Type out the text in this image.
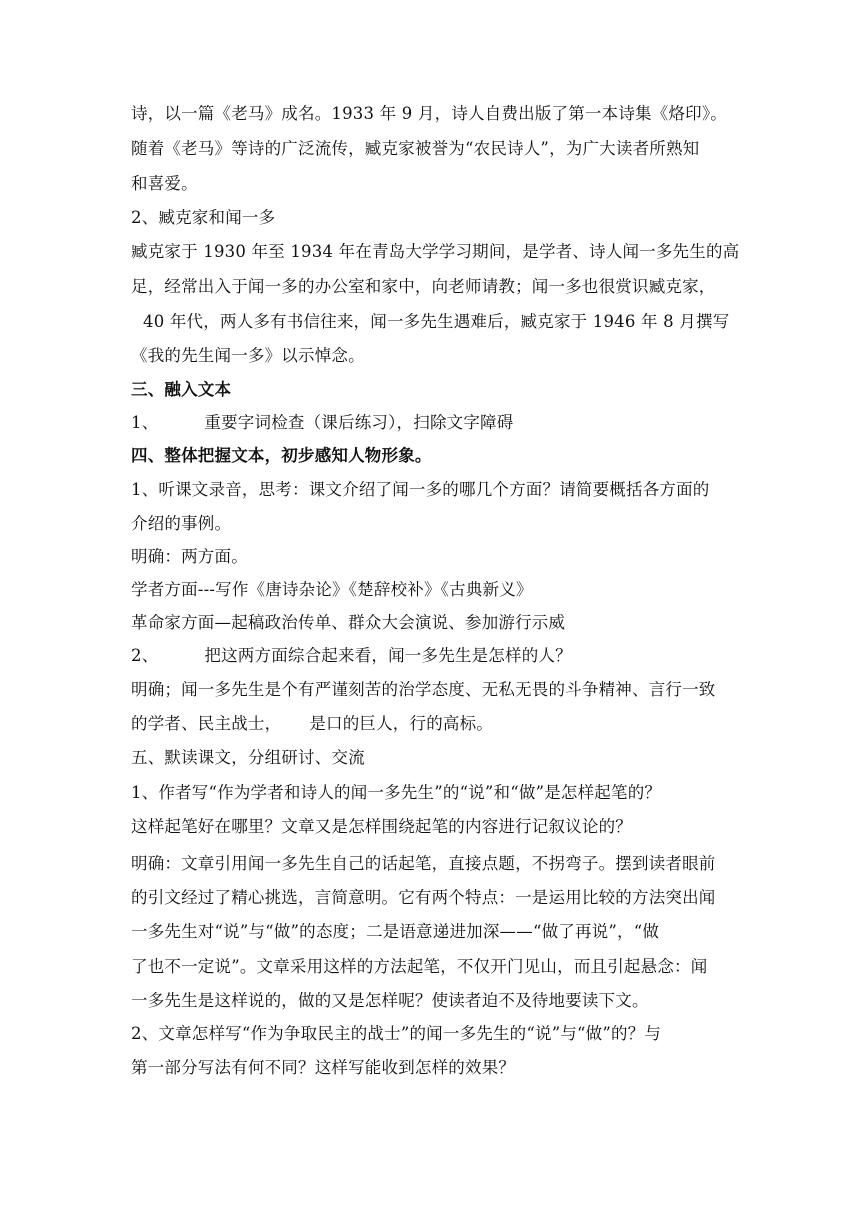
诗，以一篇《老马》成名。1933 年 9 月，诗人自费出版了第一本诗集《烙印》。
随着《老马》等诗的广泛流传，臧克家被誉为“农民诗人”，为广大读者所熟知
和喜爱。
2、臧克家和闻一多
臧克家于 1930 年至 1934 年在青岛大学学习期间，是学者、诗人闻一多先生的高
足，经常出入于闻一多的办公室和家中，向老师请教；闻一多也很赏识臧克家，
40 年代，两人多有书信往来，闻一多先生遇难后，臧克家于 1946 年 8 月撰写
《我的先生闻一多》以示悼念。
三、融入文本
1、	重要字词检查（课后练习），扫除文字障碍
四、整体把握文本，初步感知人物形象。
1、听课文录音，思考：课文介绍了闻一多的哪几个方面？请简要概括各方面的
介绍的事例。
明确：两方面。
学者方面---写作《唐诗杂论》《楚辞校补》《古典新义》
革命家方面—起稿政治传单、群众大会演说、参加游行示威
2、	把这两方面综合起来看，闻一多先生是怎样的人？
明确；闻一多先生是个有严谨刻苦的治学态度、无私无畏的斗争精神、言行一致
的学者、民主战士， 是口的巨人，行的高标。
五、默读课文，分组研讨、交流
1、作者写“作为学者和诗人的闻一多先生”的“说”和“做”是怎样起笔的？
这样起笔好在哪里？文章又是怎样围绕起笔的内容进行记叙议论的？
明确：文章引用闻一多先生自己的话起笔，直接点题，不拐弯子。摆到读者眼前
的引文经过了精心挑选，言简意明。它有两个特点：一是运用比较的方法突出闻
一多先生对“说”与“做”的态度；二是语意递进加深——“做了再说”，“做
了也不一定说”。文章采用这样的方法起笔，不仅开门见山，而且引起悬念：闻
一多先生是这样说的，做的又是怎样呢？使读者迫不及待地要读下文。
2、文章怎样写“作为争取民主的战士”的闻一多先生的“说”与“做”的？与
第一部分写法有何不同？这样写能收到怎样的效果？
